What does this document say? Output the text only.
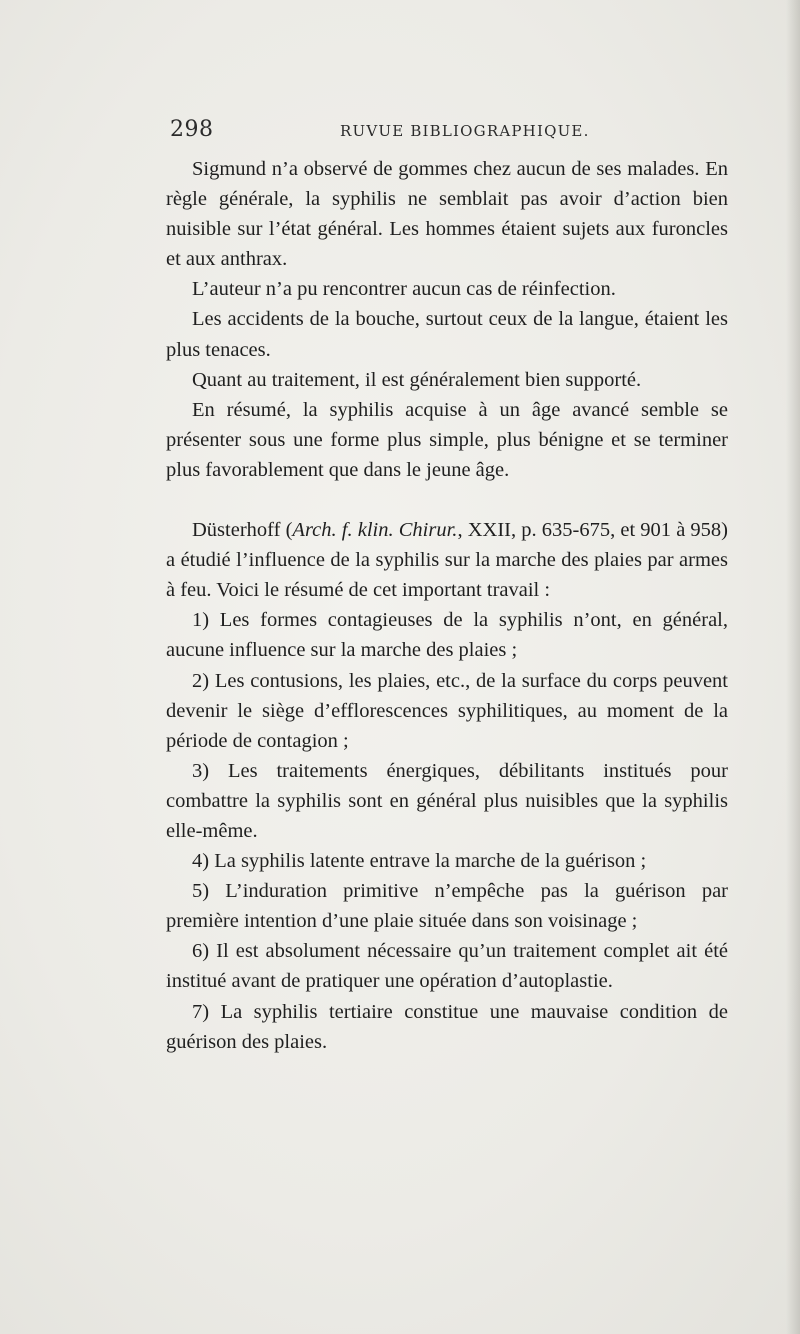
298	RUVUE BIBLIOGRAPHIQUE.

Sigmund n’a observé de gommes chez aucun de ses malades. En règle générale, la syphilis ne semblait pas avoir d’action bien nuisible sur l’état général. Les hommes étaient sujets aux furoncles et aux anthrax.

L’auteur n’a pu rencontrer aucun cas de réinfection.

Les accidents de la bouche, surtout ceux de la langue, étaient les plus tenaces.

Quant au traitement, il est généralement bien supporté.

En résumé, la syphilis acquise à un âge avancé semble se présenter sous une forme plus simple, plus bénigne et se terminer plus favorablement que dans le jeune âge.

Düsterhoff (Arch. f. klin. Chirur., XXII, p. 635-675, et 901 à 958) a étudié l’influence de la syphilis sur la marche des plaies par armes à feu. Voici le résumé de cet important travail :

1) Les formes contagieuses de la syphilis n’ont, en général, aucune influence sur la marche des plaies ;

2) Les contusions, les plaies, etc., de la surface du corps peuvent devenir le siège d’efflorescences syphilitiques, au moment de la période de contagion ;

3) Les traitements énergiques, débilitants institués pour combattre la syphilis sont en général plus nuisibles que la syphilis elle-même.

4) La syphilis latente entrave la marche de la guérison ;

5) L’induration primitive n’empêche pas la guérison par première intention d’une plaie située dans son voisinage ;

6) Il est absolument nécessaire qu’un traitement complet ait été institué avant de pratiquer une opération d’autoplastie.

7) La syphilis tertiaire constitue une mauvaise condition de guérison des plaies.
